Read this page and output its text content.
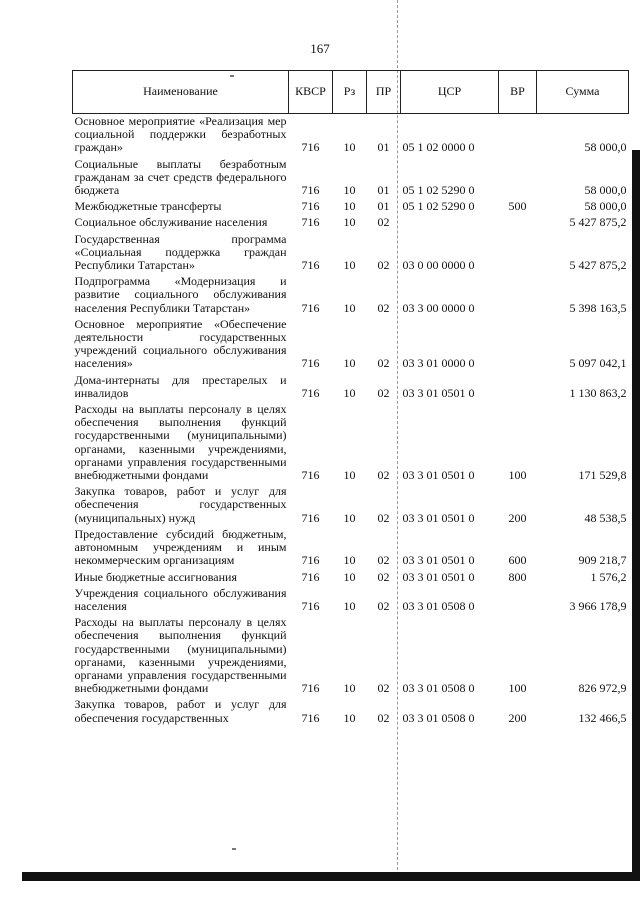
167
Наименование	КВСР	Рз	ПР	ЦСР	ВР	Сумма
Основное мероприятие «Реализация мер социальной поддержки безработных граждан»	716	10	01	05 1 02 0000 0		58 000,0
Социальные выплаты безработным гражданам за счет средств федерального бюджета	716	10	01	05 1 02 5290 0		58 000,0
Межбюджетные трансферты	716	10	01	05 1 02 5290 0	500	58 000,0
Социальное обслуживание населения	716	10	02			5 427 875,2
Государственная программа «Социальная поддержка граждан Республики Татарстан»	716	10	02	03 0 00 0000 0		5 427 875,2
Подпрограмма «Модернизация и развитие социального обслуживания населения Республики Татарстан»	716	10	02	03 3 00 0000 0		5 398 163,5
Основное мероприятие «Обеспечение деятельности государственных учреждений социального обслуживания населения»	716	10	02	03 3 01 0000 0		5 097 042,1
Дома-интернаты для престарелых и инвалидов	716	10	02	03 3 01 0501 0		1 130 863,2
Расходы на выплаты персоналу в целях обеспечения выполнения функций государственными (муниципальными) органами, казенными учреждениями, органами управления государственными внебюджетными фондами	716	10	02	03 3 01 0501 0	100	171 529,8
Закупка товаров, работ и услуг для обеспечения государственных (муниципальных) нужд	716	10	02	03 3 01 0501 0	200	48 538,5
Предоставление субсидий бюджетным, автономным учреждениям и иным некоммерческим организациям	716	10	02	03 3 01 0501 0	600	909 218,7
Иные бюджетные ассигнования	716	10	02	03 3 01 0501 0	800	1 576,2
Учреждения социального обслуживания населения	716	10	02	03 3 01 0508 0		3 966 178,9
Расходы на выплаты персоналу в целях обеспечения выполнения функций государственными (муниципальными) органами, казенными учреждениями, органами управления государственными внебюджетными фондами	716	10	02	03 3 01 0508 0	100	826 972,9
Закупка товаров, работ и услуг для обеспечения государственных	716	10	02	03 3 01 0508 0	200	132 466,5
